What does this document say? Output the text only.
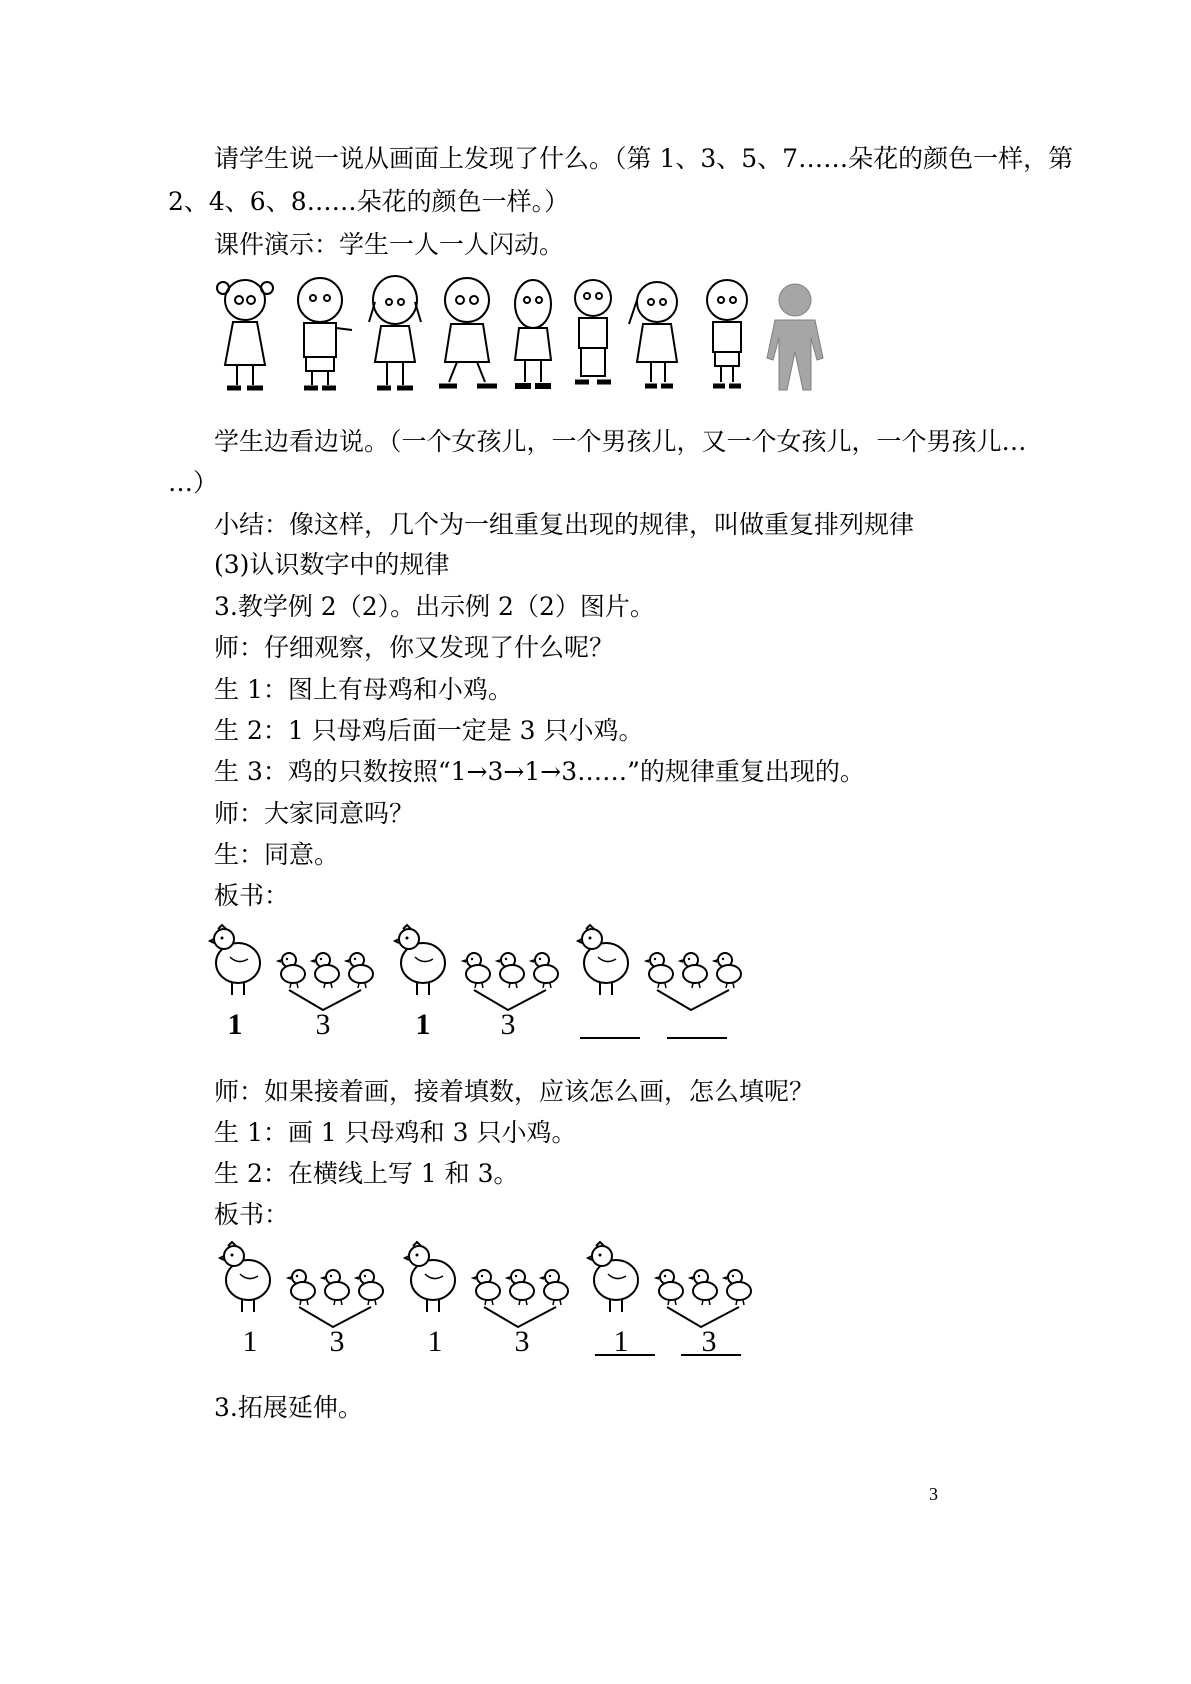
请学生说一说从画面上发现了什么。（第 1、3、5、7……朵花的颜色一样，第
2、4、6、8……朵花的颜色一样。）
课件演示：学生一人一人闪动。
学生边看边说。（一个女孩儿，一个男孩儿，又一个女孩儿，一个男孩儿…
…）
小结：像这样，几个为一组重复出现的规律，叫做重复排列规律
(3)认识数字中的规律
3.教学例 2（2）。出示例 2（2）图片。
师：仔细观察，你又发现了什么呢？
生 1：图上有母鸡和小鸡。
生 2：1 只母鸡后面一定是 3 只小鸡。
生 3：鸡的只数按照“1→3→1→3……”的规律重复出现的。
师：大家同意吗？
生：同意。
板书：
1 3	1 3
师：如果接着画，接着填数，应该怎么画，怎么填呢？
生 1：画 1 只母鸡和 3 只小鸡。
生 2：在横线上写 1 和 3。
板书：
1 3	1 3	1 3
3.拓展延伸。
3
